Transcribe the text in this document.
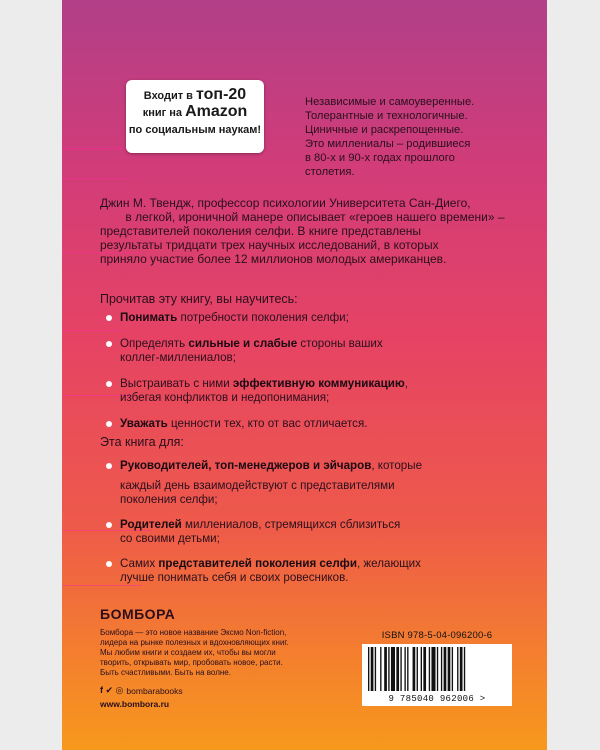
Входит в топ-20
книг на Amazon
по социальным наукам!
Независимые и самоуверенные.
Толерантные и технологичные.
Циничные и раскрепощенные.
Это миллениалы – родившиеся
в 80-х и 90-х годах прошлого
столетия.
Джин М. Твендж, профессор психологии Университета Сан-Диего,
в легкой, ироничной манере описывает «героев нашего времени» –
представителей поколения селфи. В книге представлены
результаты тридцати трех научных исследований, в которых
приняло участие более 12 миллионов молодых американцев.
Прочитав эту книгу, вы научитесь:
Понимать потребности поколения селфи;
Определять сильные и слабые стороны ваших
коллег-миллениалов;
Выстраивать с ними эффективную коммуникацию,
избегая конфликтов и недопонимания;
Уважать ценности тех, кто от вас отличается.
Эта книга для:
Руководителей, топ-менеджеров и эйчаров, которые
каждый день взаимодействуют с представителями
поколения селфи;
Родителей миллениалов, стремящихся сблизиться
со своими детьми;
Самих представителей поколения селфи, желающих
лучше понимать себя и своих ровесников.
БОМБОРА
Бомбора — это новое название Эксмо Non-fiction,
лидера на рынке полезных и вдохновляющих книг.
Мы любим книги и создаем их, чтобы вы могли
творить, открывать мир, пробовать новое, расти.
Быть счастливыми. Быть на волне.
f ✔ ◎ bombarabooks
www.bombora.ru
ISBN 978-5-04-096200-6
9 785040 962006 >
